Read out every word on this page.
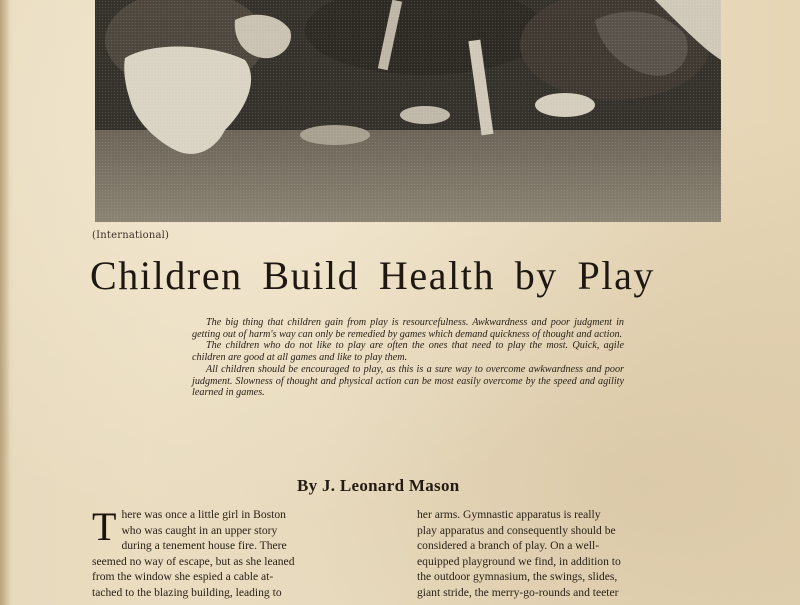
(International)
Children Build Health by Play

The big thing that children gain from play is resourcefulness. Awkwardness and poor judgment in getting out of harm's way can only be remedied by games which demand quickness of thought and action.

The children who do not like to play are often the ones that need to play the most. Quick, agile children are good at all games and like to play them.

All children should be encouraged to play, as this is a sure way to overcome awkwardness and poor judgment. Slowness of thought and physical action can be most easily overcome by the speed and agility learned in games.

By J. Leonard Mason
T here was once a little girl in Boston
who was caught in an upper story
during a tenement house fire. There
seemed no way of escape, but as she leaned
from the window she espied a cable at-
tached to the blazing building, leading to
her arms. Gymnastic apparatus is really
play apparatus and consequently should be
considered a branch of play. On a well-
equipped playground we find, in addition to
the outdoor gymnasium, the swings, slides,
giant stride, the merry-go-rounds and teeter
